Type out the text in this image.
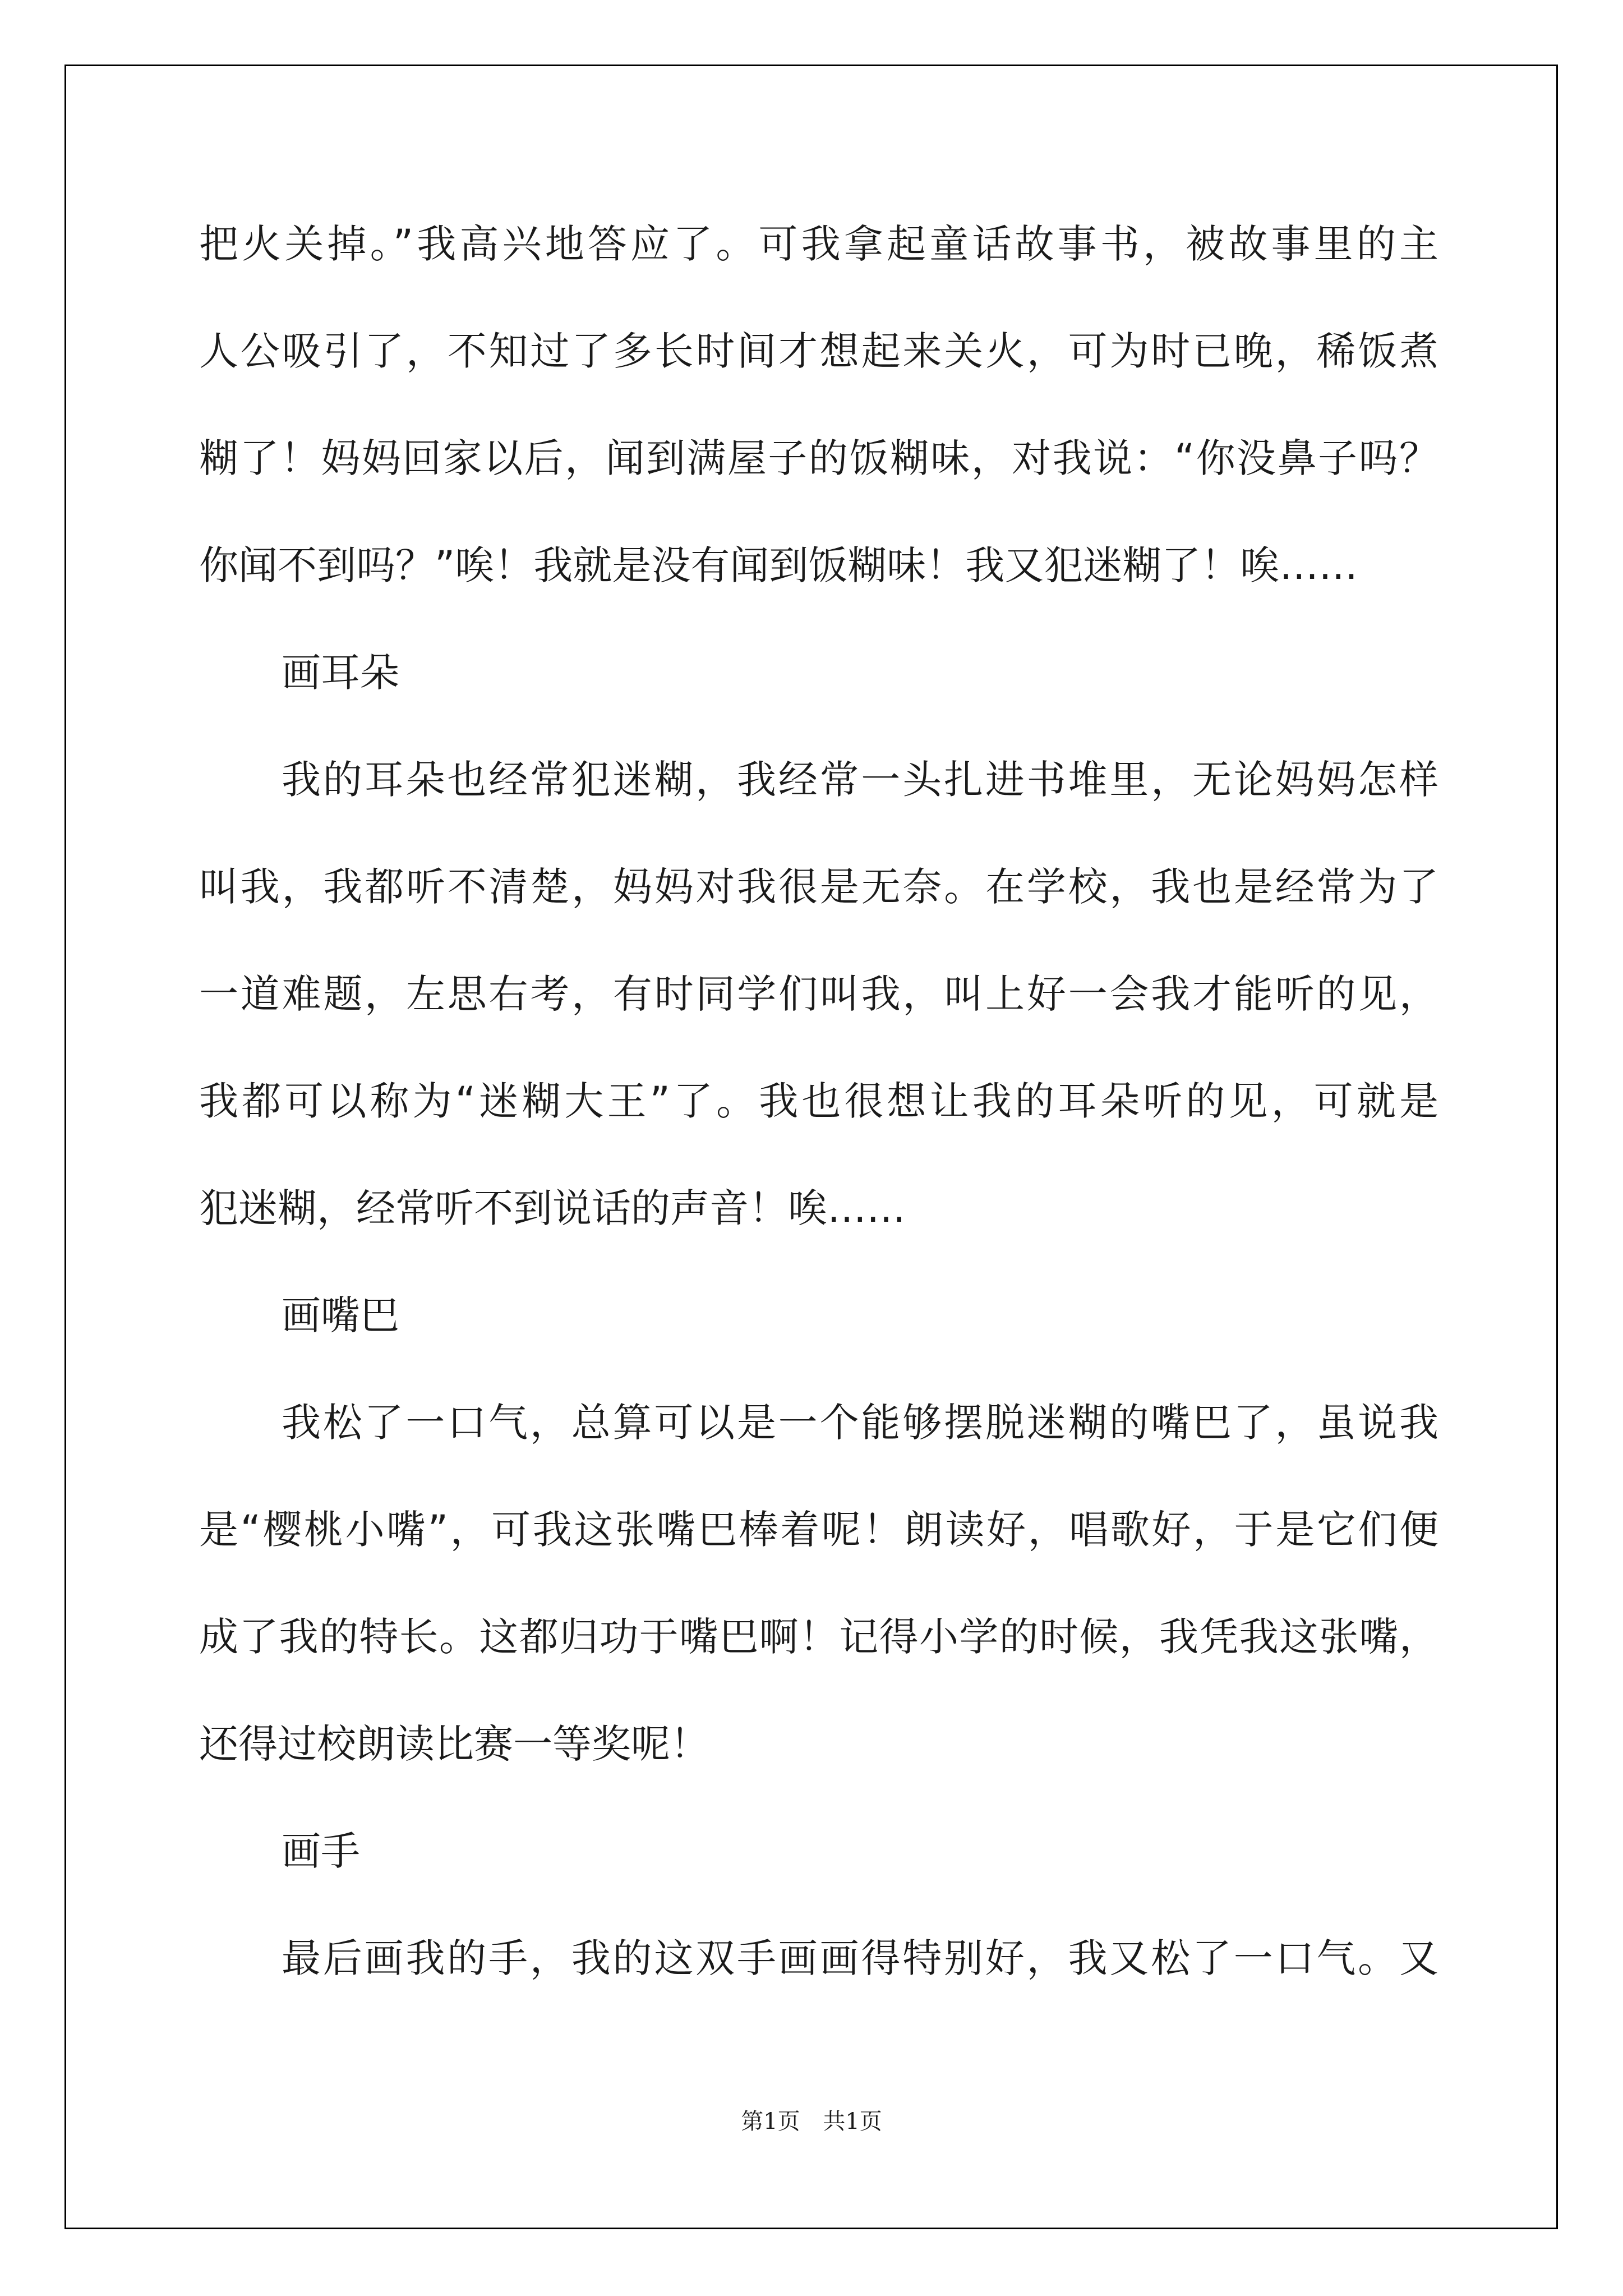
把火关掉。”我高兴地答应了。可我拿起童话故事书，被故事里的主
人公吸引了，不知过了多长时间才想起来关火，可为时已晚，稀饭煮
糊了！妈妈回家以后，闻到满屋子的饭糊味，对我说：“你没鼻子吗？
你闻不到吗？”唉！我就是没有闻到饭糊味！我又犯迷糊了！唉……
画耳朵
我的耳朵也经常犯迷糊，我经常一头扎进书堆里，无论妈妈怎样
叫我，我都听不清楚，妈妈对我很是无奈。在学校，我也是经常为了
一道难题，左思右考，有时同学们叫我，叫上好一会我才能听的见，
我都可以称为“迷糊大王”了。我也很想让我的耳朵听的见，可就是
犯迷糊，经常听不到说话的声音！唉……
画嘴巴
我松了一口气，总算可以是一个能够摆脱迷糊的嘴巴了，虽说我
是“樱桃小嘴”，可我这张嘴巴棒着呢！朗读好，唱歌好，于是它们便
成了我的特长。这都归功于嘴巴啊！记得小学的时候，我凭我这张嘴，
还得过校朗读比赛一等奖呢！
画手
最后画我的手，我的这双手画画得特别好，我又松了一口气。又
第1页 共1页
